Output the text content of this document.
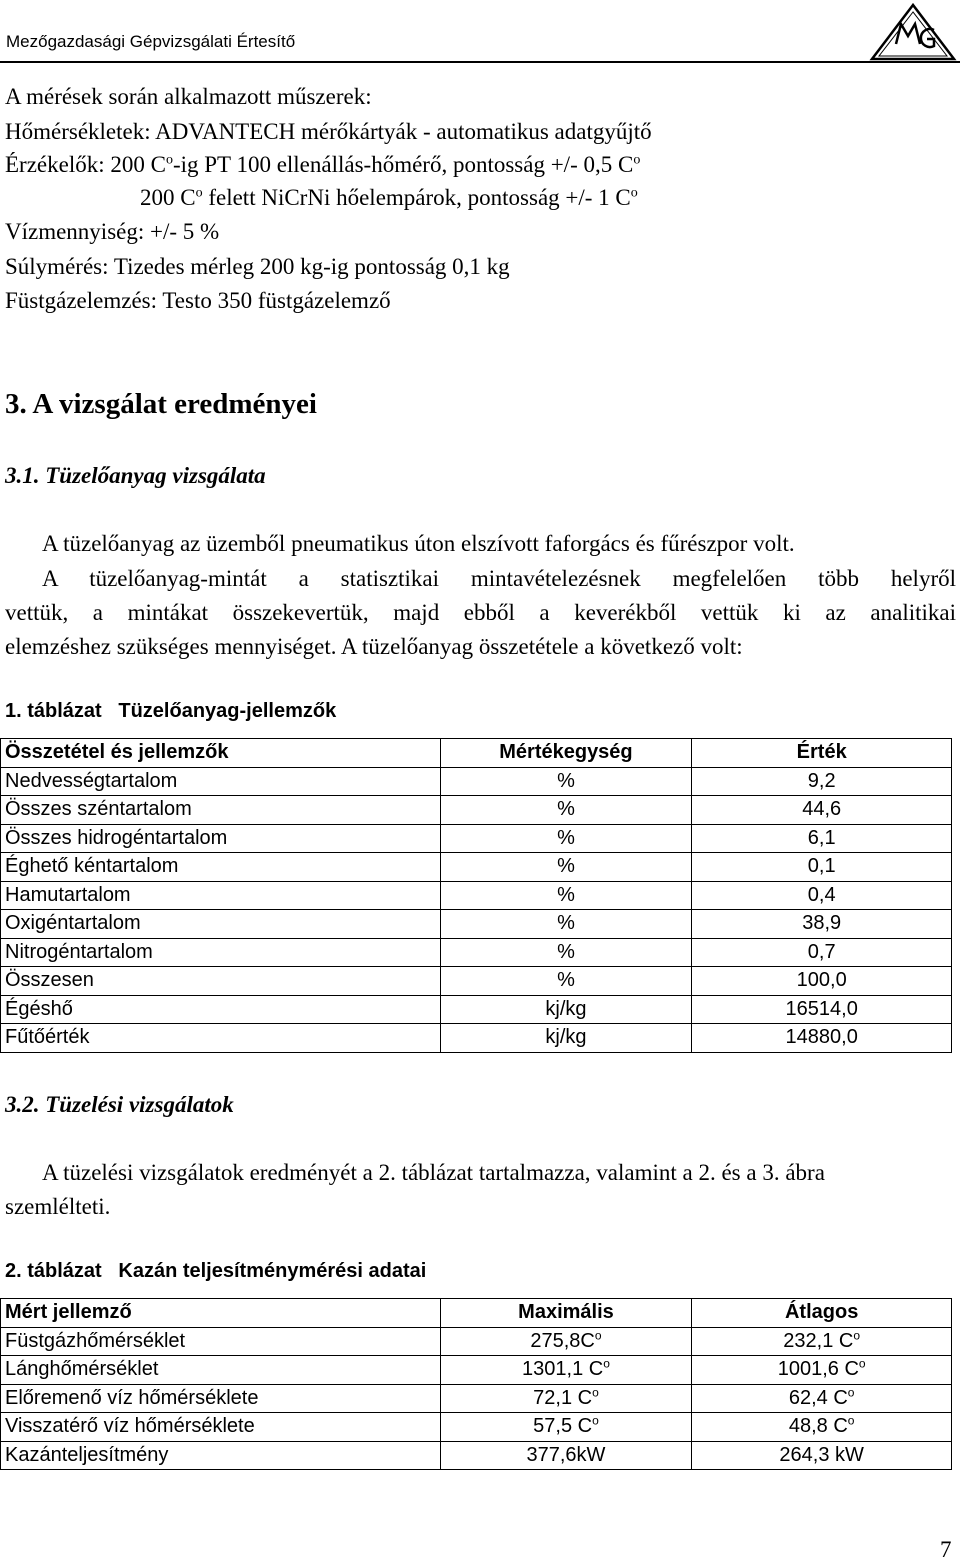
Mezőgazdasági Gépvizsgálati Értesítő
A mérések során alkalmazott műszerek:
Hőmérsékletek: ADVANTECH mérőkártyák - automatikus adatgyűjtő
Érzékelők: 200 $C^o-ig$ PT 100 ellenállás-hőmérő, pontosság +/- 0,5 $C^o$
200 $C^o$ felett NiCrNi hőelempárok, pontosság +/- 1 $C^o$
Vízmennyiség: +/- 5 %
Súlymérés: Tizedes mérleg 200 kg-ig pontosság 0,1 kg
Füstgázelemzés: Testo 350 füstgázelemző
3. A vizsgálat eredményei
3.1. Tüzelőanyag vizsgálata
A tüzelőanyag az üzemből pneumatikus úton elszívott faforgács és fűrészpor volt.
A tüzelőanyag-mintát a statisztikai mintavételezésnek megfelelően több helyről
vettük, a mintákat összekevertük, majd ebből a keverékből vettük ki az analitikai
elemzéshez szükséges mennyiséget. A tüzelőanyag összetétele a következő volt:
1. táblázat Tüzelőanyag-jellemzők
Összetétel és jellemzők	Mértékegység	Érték
Nedvességtartalom	%	9,2
Összes széntartalom	%	44,6
Összes hidrogéntartalom	%	6,1
Éghető kéntartalom	%	0,1
Hamutartalom	%	0,4
Oxigéntartalom	%	38,9
Nitrogéntartalom	%	0,7
Összesen	%	100,0
Égéshő	kj/kg	16514,0
Fűtőérték	kj/kg	14880,0
3.2. Tüzelési vizsgálatok
A tüzelési vizsgálatok eredményét a 2. táblázat tartalmazza, valamint a 2. és a 3. ábra
szemlélteti.
2. táblázat Kazán teljesítménymérési adatai
Mért jellemző	Maximális	Átlagos
Füstgázhőmérséklet	$275,8C^o$	232,1 $C^o$
Lánghőmérséklet	1301,1 $C^o$	1001,6 $C^o$
Előremenő víz hőmérséklete	72,1 $C^o$	62,4 $C^o$
Visszatérő víz hőmérséklete	57,5 $C^o$	48,8 $C^o$
Kazánteljesítmény	377,6kW	264,3 kW
7
